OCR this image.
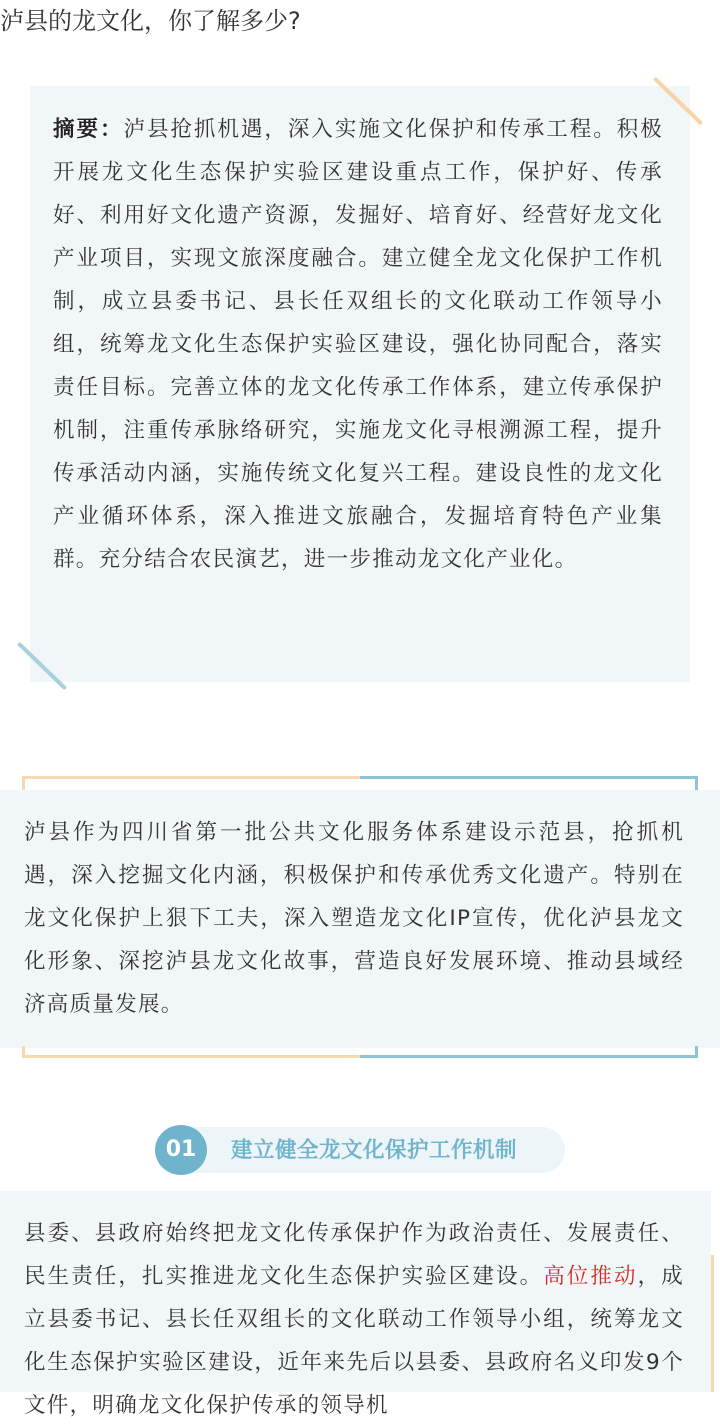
泸县的龙文化，你了解多少?
摘要：泸县抢抓机遇，深入实施文化保护和传承工程。积极开展龙文化生态保护实验区建设重点工作，保护好、传承好、利用好文化遗产资源，发掘好、培育好、经营好龙文化产业项目，实现文旅深度融合。建立健全龙文化保护工作机制，成立县委书记、县长任双组长的文化联动工作领导小组，统筹龙文化生态保护实验区建设，强化协同配合，落实责任目标。完善立体的龙文化传承工作体系，建立传承保护机制，注重传承脉络研究，实施龙文化寻根溯源工程，提升传承活动内涵，实施传统文化复兴工程。建设良性的龙文化产业循环体系，深入推进文旅融合，发掘培育特色产业集群。充分结合农民演艺，进一步推动龙文化产业化。
泸县作为四川省第一批公共文化服务体系建设示范县，抢抓机遇，深入挖掘文化内涵，积极保护和传承优秀文化遗产。特别在龙文化保护上狠下工夫，深入塑造龙文化IP宣传，优化泸县龙文化形象、深挖泸县龙文化故事，营造良好发展环境、推动县域经济高质量发展。
01	建立健全龙文化保护工作机制
县委、县政府始终把龙文化传承保护作为政治责任、发展责任、民生责任，扎实推进龙文化生态保护实验区建设。高位推动，成立县委书记、县长任双组长的文化联动工作领导小组，统筹龙文化生态保护实验区建设，近年来先后以县委、县政府名义印发9个文件，明确龙文化保护传承的领导机
